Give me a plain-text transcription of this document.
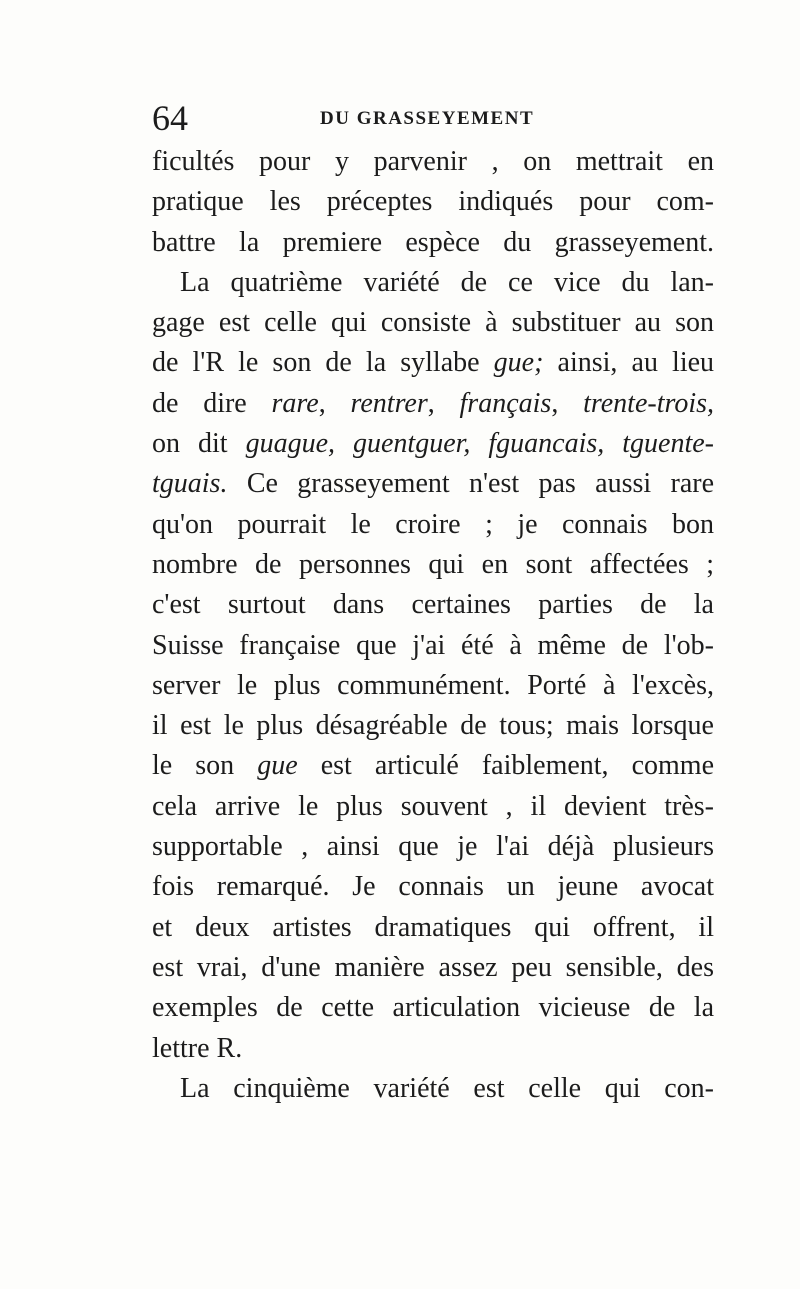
64	DU GRASSEYEMENT
ficultés pour y parvenir , on mettrait en
pratique les préceptes indiqués pour com-
battre la premiere espèce du grasseyement.
La quatrième variété de ce vice du lan-
gage est celle qui consiste à substituer au son
de l'R le son de la syllabe gue; ainsi, au lieu
de dire rare, rentrer, français, trente-trois,
on dit guague, guentguer, fguancais, tguente-
tguais. Ce grasseyement n'est pas aussi rare
qu'on pourrait le croire ; je connais bon
nombre de personnes qui en sont affectées ;
c'est surtout dans certaines parties de la
Suisse française que j'ai été à même de l'ob-
server le plus communément. Porté à l'excès,
il est le plus désagréable de tous; mais lorsque
le son gue est articulé faiblement, comme
cela arrive le plus souvent , il devient très-
supportable , ainsi que je l'ai déjà plusieurs
fois remarqué. Je connais un jeune avocat
et deux artistes dramatiques qui offrent, il
est vrai, d'une manière assez peu sensible, des
exemples de cette articulation vicieuse de la
lettre R.
La cinquième variété est celle qui con-
